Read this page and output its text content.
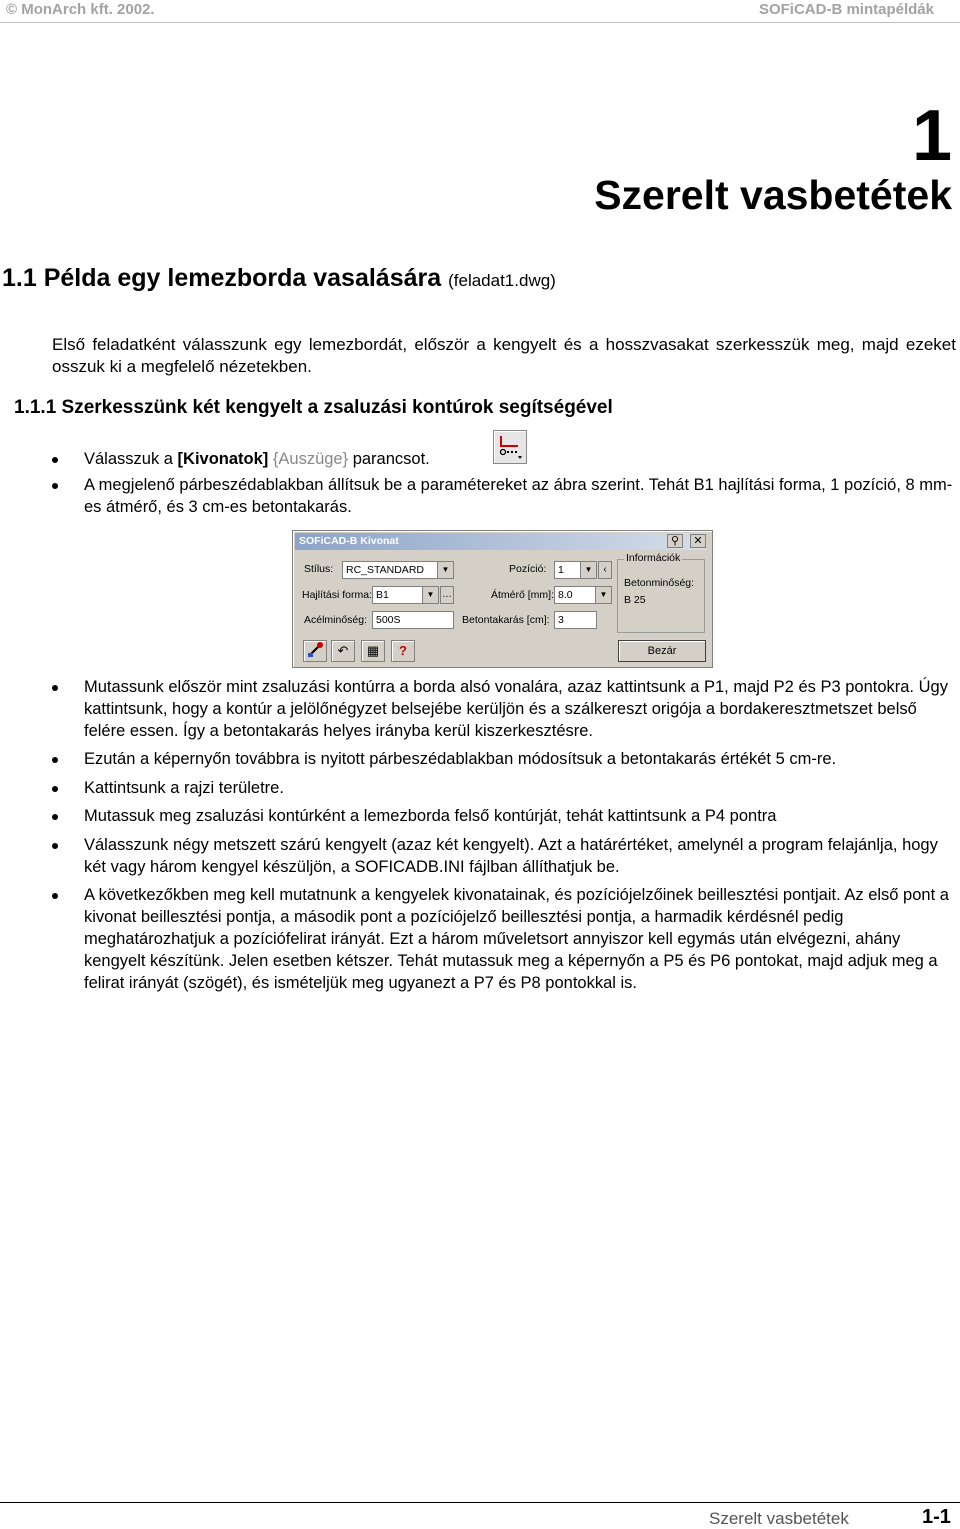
© MonArch kft. 2002.	SOFiCAD-B mintapéldák
1
Szerelt vasbetétek
1.1 Példa egy lemezborda vasalására (feladat1.dwg)
Első feladatként válasszunk egy lemezbordát, először a kengyelt és a hosszvasakat szerkesszük meg, majd ezeket osszuk ki a megfelelő nézetekben.
1.1.1 Szerkesszünk két kengyelt a zsaluzási kontúrok segítségével
Válasszuk a [Kivonatok] {Auszüge} parancsot.
A megjelenő párbeszédablakban állítsuk be a paramétereket az ábra szerint. Tehát B1 hajlítási forma, 1 pozíció, 8 mm-es átmérő, és 3 cm-es betontakarás.
SOFiCAD-B Kivonat	⚲	✕
Stílus:	RC_STANDARD	▼
Hajlítási forma: B1	▼ …
Acélminőség: 500S
Pozíció:	1	▼	‹
Átmérő [mm]: 8.0	▼
Betontakarás [cm]: 3
Információk
Betonminőség:
B 25
↶	▦	?	Bezár
Mutassunk először mint zsaluzási kontúrra a borda alsó vonalára, azaz kattintsunk a P1, majd P2 és P3 pontokra. Úgy kattintsunk, hogy a kontúr a jelölőnégyzet belsejébe kerüljön és a szálkereszt origója a bordakeresztmetszet belső felére essen. Így a betontakarás helyes irányba kerül kiszerkesztésre.
Ezután a képernyőn továbbra is nyitott párbeszédablakban módosítsuk a betontakarás értékét 5 cm-re.
Kattintsunk a rajzi területre.
Mutassuk meg zsaluzási kontúrként a lemezborda felső kontúrját, tehát kattintsunk a P4 pontra
Válasszunk négy metszett szárú kengyelt (azaz két kengyelt). Azt a határértéket, amelynél a program felajánlja, hogy két vagy három kengyel készüljön, a SOFICADB.INI fájlban állíthatjuk be.
A következőkben meg kell mutatnunk a kengyelek kivonatainak, és pozíciójelzőinek beillesztési pontjait. Az első pont a kivonat beillesztési pontja, a második pont a pozíciójelző beillesztési pontja, a harmadik kérdésnél pedig meghatározhatjuk a pozíciófelirat irányát. Ezt a három műveletsort annyiszor kell egymás után elvégezni, ahány kengyelt készítünk. Jelen esetben kétszer. Tehát mutassuk meg a képernyőn a P5 és P6 pontokat, majd adjuk meg a felirat irányát (szögét), és ismételjük meg ugyanezt a P7 és P8 pontokkal is.
Szerelt vasbetétek	1-1
